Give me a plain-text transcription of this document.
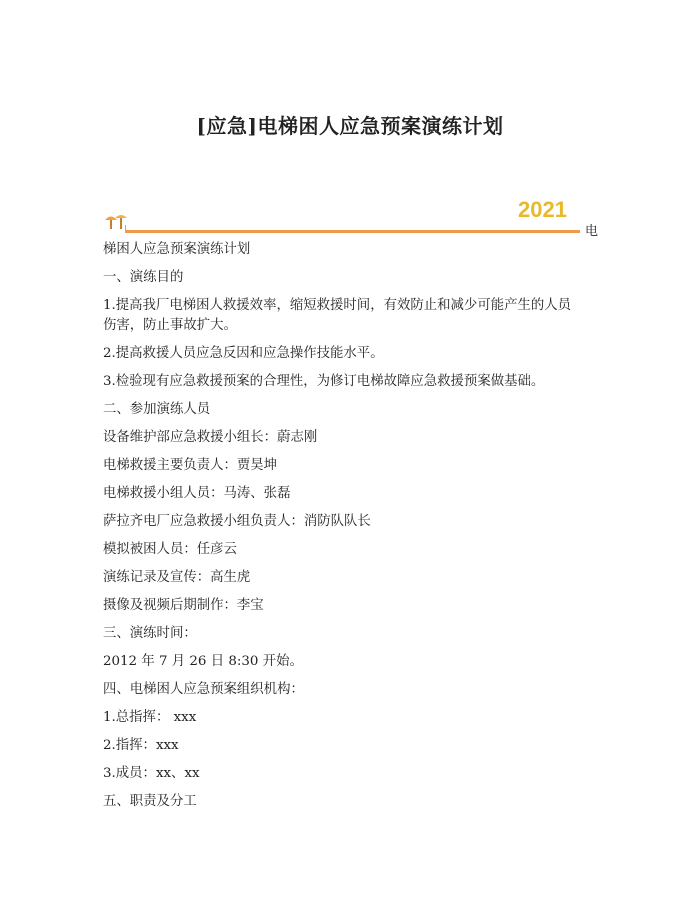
[应急]电梯困人应急预案演练计划
2021
电

梯困人应急预案演练计划

一、演练目的

1.提高我厂电梯困人救援效率，缩短救援时间，有效防止和减少可能产生的人员伤害，防止事故扩大。

2.提高救援人员应急反因和应急操作技能水平。

3.检验现有应急救援预案的合理性，为修订电梯故障应急救援预案做基础。

二、参加演练人员

设备维护部应急救援小组长：蔚志刚

电梯救援主要负责人：贾昊坤

电梯救援小组人员：马涛、张磊

萨拉齐电厂应急救援小组负责人：消防队队长

模拟被困人员：任彦云

演练记录及宣传：高生虎

摄像及视频后期制作：李宝

三、演练时间：

2012 年 7 月 26 日 8:30 开始。

四、电梯困人应急预案组织机构：

1.总指挥： xxx

2.指挥：xxx

3.成员：xx、xx

五、职责及分工
